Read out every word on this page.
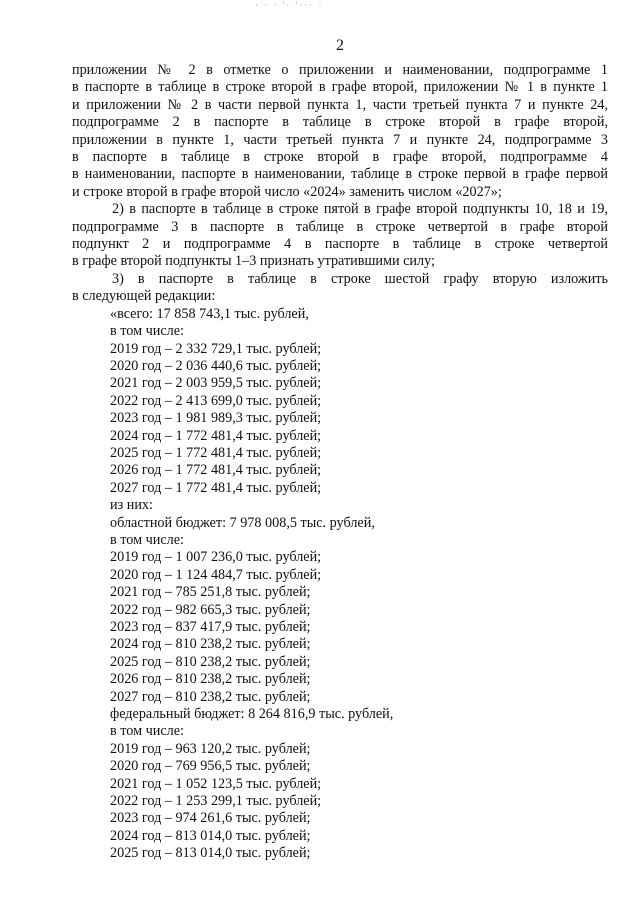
· · · '· '··· ·
2
приложении № 2 в отметке о приложении и наименовании, подпрограмме 1
в паспорте в таблице в строке второй в графе второй, приложении № 1 в пункте 1
и приложении № 2 в части первой пункта 1, части третьей пункта 7 и пункте 24,
подпрограмме 2 в паспорте в таблице в строке второй в графе второй,
приложении в пункте 1, части третьей пункта 7 и пункте 24, подпрограмме 3
в паспорте в таблице в строке второй в графе второй, подпрограмме 4
в наименовании, паспорте в наименовании, таблице в строке первой в графе первой
и строке второй в графе второй число «2024» заменить числом «2027»;
2) в паспорте в таблице в строке пятой в графе второй подпункты 10, 18 и 19,
подпрограмме 3 в паспорте в таблице в строке четвертой в графе второй
подпункт 2 и подпрограмме 4 в паспорте в таблице в строке четвертой
в графе второй подпункты 1–3 признать утратившими силу;
3) в паспорте в таблице в строке шестой графу вторую изложить
в следующей редакции:
«всего: 17 858 743,1 тыс. рублей,
в том числе:
2019 год – 2 332 729,1 тыс. рублей;
2020 год – 2 036 440,6 тыс. рублей;
2021 год – 2 003 959,5 тыс. рублей;
2022 год – 2 413 699,0 тыс. рублей;
2023 год – 1 981 989,3 тыс. рублей;
2024 год – 1 772 481,4 тыс. рублей;
2025 год – 1 772 481,4 тыс. рублей;
2026 год – 1 772 481,4 тыс. рублей;
2027 год – 1 772 481,4 тыс. рублей;
из них:
областной бюджет: 7 978 008,5 тыс. рублей,
в том числе:
2019 год – 1 007 236,0 тыс. рублей;
2020 год – 1 124 484,7 тыс. рублей;
2021 год – 785 251,8 тыс. рублей;
2022 год – 982 665,3 тыс. рублей;
2023 год – 837 417,9 тыс. рублей;
2024 год – 810 238,2 тыс. рублей;
2025 год – 810 238,2 тыс. рублей;
2026 год – 810 238,2 тыс. рублей;
2027 год – 810 238,2 тыс. рублей;
федеральный бюджет: 8 264 816,9 тыс. рублей,
в том числе:
2019 год – 963 120,2 тыс. рублей;
2020 год – 769 956,5 тыс. рублей;
2021 год – 1 052 123,5 тыс. рублей;
2022 год – 1 253 299,1 тыс. рублей;
2023 год – 974 261,6 тыс. рублей;
2024 год – 813 014,0 тыс. рублей;
2025 год – 813 014,0 тыс. рублей;
